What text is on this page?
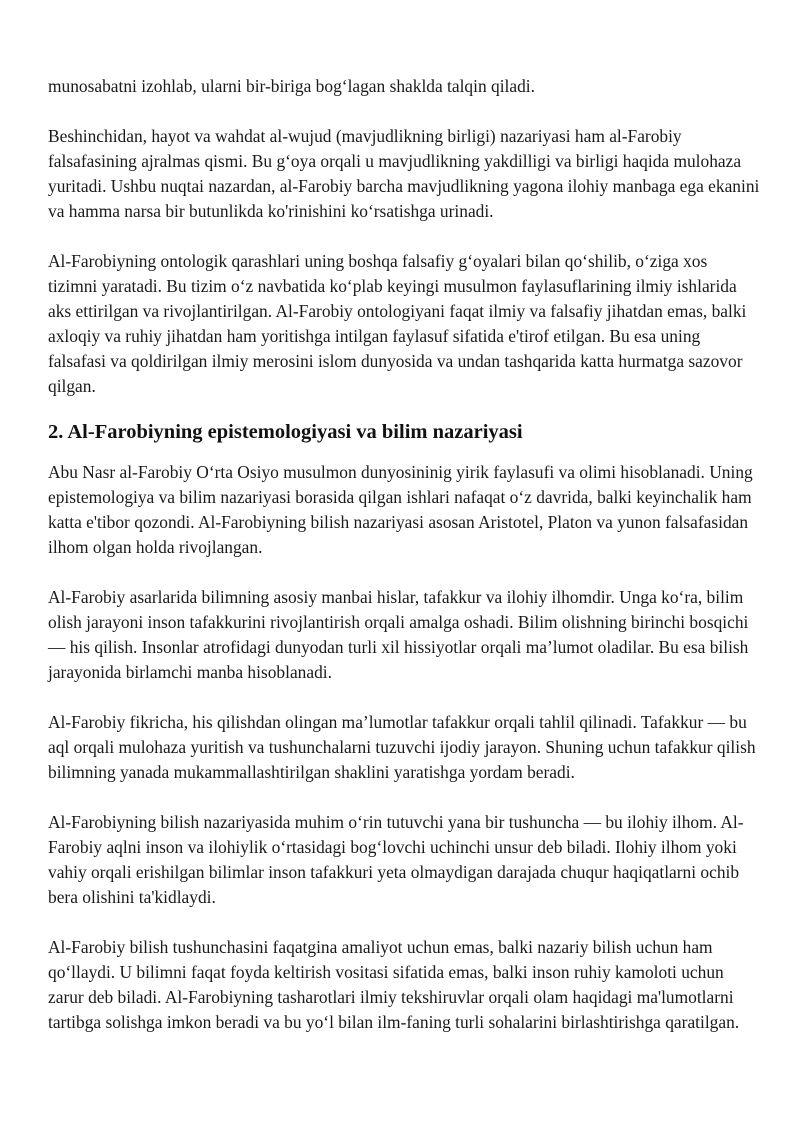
munosabatni izohlab, ularni bir-biriga bog‘lagan shaklda talqin qiladi.

Beshinchidan, hayot va wahdat al-wujud (mavjudlikning birligi) nazariyasi ham al-Farobiy falsafasining ajralmas qismi. Bu g‘oya orqali u mavjudlikning yakdilligi va birligi haqida mulohaza yuritadi. Ushbu nuqtai nazardan, al-Farobiy barcha mavjudlikning yagona ilohiy manbaga ega ekanini va hamma narsa bir butunlikda ko'rinishini ko‘rsatishga urinadi.

Al-Farobiyning ontologik qarashlari uning boshqa falsafiy g‘oyalari bilan qo‘shilib, o‘ziga xos tizimni yaratadi. Bu tizim o‘z navbatida ko‘plab keyingi musulmon faylasuflarining ilmiy ishlarida aks ettirilgan va rivojlantirilgan. Al-Farobiy ontologiyani faqat ilmiy va falsafiy jihatdan emas, balki axloqiy va ruhiy jihatdan ham yoritishga intilgan faylasuf sifatida e'tirof etilgan. Bu esa uning falsafasi va qoldirilgan ilmiy merosini islom dunyosida va undan tashqarida katta hurmatga sazovor qilgan.

2. Al-Farobiyning epistemologiyasi va bilim nazariyasi

Abu Nasr al-Farobiy O‘rta Osiyo musulmon dunyosininig yirik faylasufi va olimi hisoblanadi. Uning epistemologiya va bilim nazariyasi borasida qilgan ishlari nafaqat o‘z davrida, balki keyinchalik ham katta e'tibor qozondi. Al-Farobiyning bilish nazariyasi asosan Aristotel, Platon va yunon falsafasidan ilhom olgan holda rivojlangan.

Al-Farobiy asarlarida bilimning asosiy manbai hislar, tafakkur va ilohiy ilhomdir. Unga ko‘ra, bilim olish jarayoni inson tafakkurini rivojlantirish orqali amalga oshadi. Bilim olishning birinchi bosqichi — his qilish. Insonlar atrofidagi dunyodan turli xil hissiyotlar orqali ma’lumot oladilar. Bu esa bilish jarayonida birlamchi manba hisoblanadi.

Al-Farobiy fikricha, his qilishdan olingan ma’lumotlar tafakkur orqali tahlil qilinadi. Tafakkur — bu aql orqali mulohaza yuritish va tushunchalarni tuzuvchi ijodiy jarayon. Shuning uchun tafakkur qilish bilimning yanada mukammallashtirilgan shaklini yaratishga yordam beradi.

Al-Farobiyning bilish nazariyasida muhim o‘rin tutuvchi yana bir tushuncha — bu ilohiy ilhom. Al-Farobiy aqlni inson va ilohiylik o‘rtasidagi bog‘lovchi uchinchi unsur deb biladi. Ilohiy ilhom yoki vahiy orqali erishilgan bilimlar inson tafakkuri yeta olmaydigan darajada chuqur haqiqatlarni ochib bera olishini ta'kidlaydi.

Al-Farobiy bilish tushunchasini faqatgina amaliyot uchun emas, balki nazariy bilish uchun ham qo‘llaydi. U bilimni faqat foyda keltirish vositasi sifatida emas, balki inson ruhiy kamoloti uchun zarur deb biladi. Al-Farobiyning tasharotlari ilmiy tekshiruvlar orqali olam haqidagi ma'lumotlarni tartibga solishga imkon beradi va bu yo‘l bilan ilm-faning turli sohalarini birlashtirishga qaratilgan.
